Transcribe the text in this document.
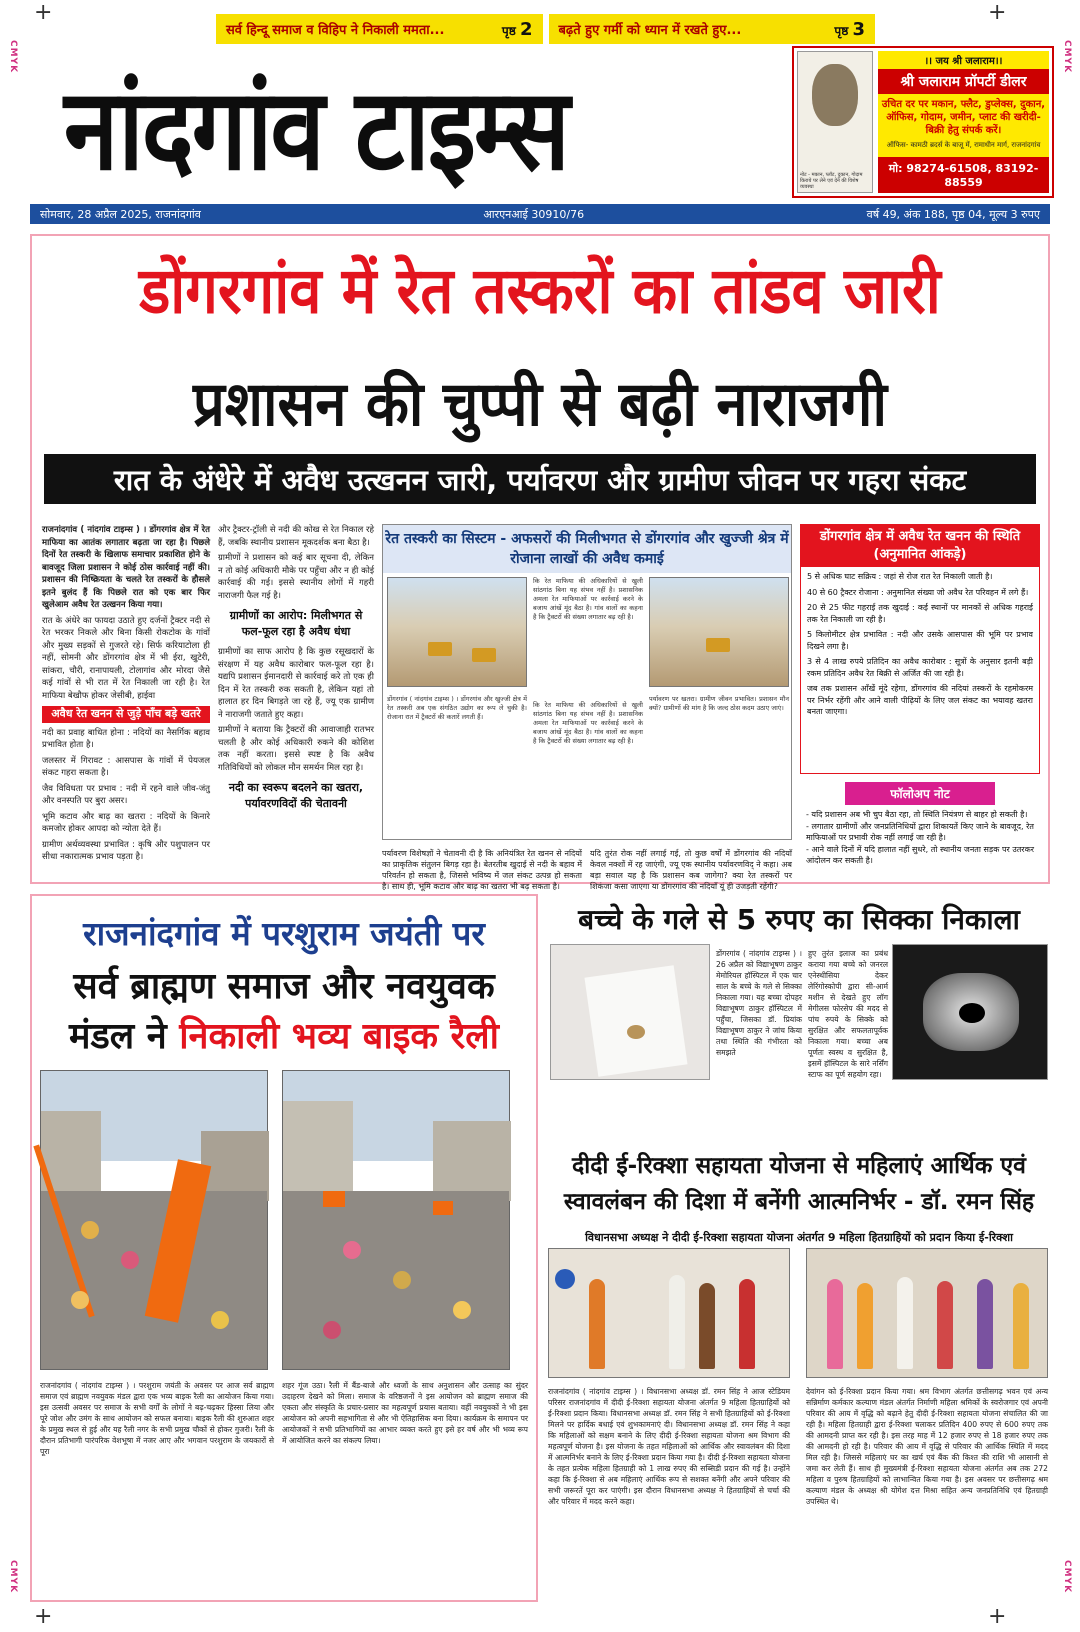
+	+
+	+
CMYK	CMYK
CMYK	CMYK
सर्व हिन्दू समाज व विहिप ने निकाली ममता...	पृष्ठ 2 बढ़ते हुए गर्मी को ध्यान में रखते हुए...	पृष्ठ 3
नांदगांव टाइम्स	नोट - मकान, प्लॉट, दुकान, गोदाम किराये पर लेने एवं देने की विशेष व्यवस्था
।। जय श्री जलाराम।।
श्री जलाराम प्रॉपर्टी डीलर
उचित दर पर मकान, फ्लैट, डुप्लेक्स, दुकान, ऑफिस, गोदाम, जमीन, प्लाट की खरीदी-बिक्री हेतु संपर्क करें।
ऑफिस- कामठी ब्रदर्स के बाजू में, रामाधीन मार्ग, राजनांदगांव
मो: 98274-61508, 83192-88559
सोमवार, 28 अप्रैल 2025, राजनांदगांव	आरएनआई 30910/76	वर्ष 49, अंक 188, पृष्ठ 04, मूल्य 3 रुपए
डोंगरगांव में रेत तस्करों का तांडव जारी
प्रशासन की चुप्पी से बढ़ी नाराजगी
रात के अंधेरे में अवैध उत्खनन जारी, पर्यावरण और ग्रामीण जीवन पर गहरा संकट

राजनांदगांव ( नांदगांव टाइम्स ) । डोंगरगांव क्षेत्र में रेत माफिया का आतंक लगातार बढ़ता जा रहा है। पिछले दिनों रेत तस्करी के खिलाफ समाचार प्रकाशित होने के बावजूद जिला प्रशासन ने कोई ठोस कार्रवाई नहीं की। प्रशासन की निष्क्रियता के चलते रेत तस्करों के हौसले इतने बुलंद हैं कि पिछले रात को एक बार फिर खुलेआम अवैध रेत उत्खनन किया गया।

रात के अंधेरे का फायदा उठाते हुए दर्जनों ट्रैक्टर नदी से रेत भरकर निकले और बिना किसी रोकटोक के गांवों और मुख्य सड़कों से गुजरते रहे। सिर्फ करियाटोला ही नहीं, सोमनी और डोंगरगांव क्षेत्र में भी ईरा, खुटेरी, सांकरा, चौरी, रानापायली, टोलागांव और मोरदा जैसे कई गांवों से भी रात में रेत निकाली जा रही है। रेत माफिया बेखौफ होकर जेसीबी, हाईवा

अवैध रेत खनन से जुड़े पाँच बड़े खतरे

नदी का प्रवाह बाधित होना : नदियों का नैसर्गिक बहाव प्रभावित होता है।

जलस्तर में गिरावट : आसपास के गांवों में पेयजल संकट गहरा सकता है।

जैव विविधता पर प्रभाव : नदी में रहने वाले जीव-जंतु और वनस्पति पर बुरा असर।

भूमि कटाव और बाढ़ का खतरा : नदियों के किनारे कमजोर होकर आपदा को न्योता देते हैं।

ग्रामीण अर्थव्यवस्था प्रभावित : कृषि और पशुपालन पर सीधा नकारात्मक प्रभाव पड़ता है।

और ट्रैक्टर-ट्रॉली से नदी की कोख से रेत निकाल रहे हैं, जबकि स्थानीय प्रशासन मूकदर्शक बना बैठा है।

ग्रामीणों ने प्रशासन को कई बार सूचना दी, लेकिन न तो कोई अधिकारी मौके पर पहुँचा और न ही कोई कार्रवाई की गई। इससे स्थानीय लोगों में गहरी नाराजगी फैल गई है।

ग्रामीणों का आरोप: मिलीभगत से फल-फूल रहा है अवैध धंधा

ग्रामीणों का साफ आरोप है कि कुछ रसूखदारों के संरक्षण में यह अवैध कारोबार फल-फूल रहा है। यद्यपि प्रशासन ईमानदारी से कार्रवाई करे तो एक ही दिन में रेत तस्करी रुक सकती है, लेकिन यहां तो हालात हर दिन बिगड़ते जा रहे हैं, ज्यू एक ग्रामीण ने नाराजगी जताते हुए कहा।

ग्रामीणों ने बताया कि ट्रैक्टरों की आवाजाही रातभर चलती है और कोई अधिकारी रुकने की कोशिश तक नहीं करता। इससे स्पष्ट है कि अवैध गतिविधियों को लोकल मौन समर्थन मिल रहा है।

नदी का स्वरूप बदलने का खतरा, पर्यावरणविदों की चेतावनी
रेत तस्करी का सिस्टम - अफसरों की मिलीभगत से डोंगरगांव और खुज्जी श्रेत्र में रोजाना लाखों की अवैध कमाई
कि रेत माफिया की अधिकारियों से खुली सांठगांठ बिना यह संभव नहीं है। प्रशासनिक अमला रेत माफियाओं पर कार्रवाई करने के बजाय आंखें मूंद बैठा है। गांव वालों का कहना है कि ट्रैक्टरों की संख्या लगातार बढ़ रही है।
डोंगरगांव ( नांदगांव टाइम्स ) । डोंगरगांव और खुज्जी क्षेत्र में रेत तस्करी अब एक संगठित उद्योग का रूप ले चुकी है। रोजाना रात में ट्रैक्टरों की कतारें लगती हैं।
कि रेत माफिया की अधिकारियों से खुली सांठगांठ बिना यह संभव नहीं है। प्रशासनिक अमला रेत माफियाओं पर कार्रवाई करने के बजाय आंखें मूंद बैठा है। गांव वालों का कहना है कि ट्रैक्टरों की संख्या लगातार बढ़ रही है।
पर्यावरण पर खतरा। ग्रामीण जीवन प्रभावित। प्रशासन मौन क्यों? ग्रामीणों की मांग है कि जल्द ठोस कदम उठाए जाएं।

पर्यावरण विशेषज्ञों ने चेतावनी दी है कि अनियंत्रित रेत खनन से नदियों का प्राकृतिक संतुलन बिगड़ रहा है। बेतरतीब खुदाई से नदी के बहाव में परिवर्तन हो सकता है, जिससे भविष्य में जल संकट उत्पन्न हो सकता है। साथ ही, भूमि कटाव और बाढ़ का खतरा भी बढ़ सकता है।

यदि तुरंत रोक नहीं लगाई गई, तो कुछ वर्षों में डोंगरगांव की नदियाँ केवल नक्शों में रह जाएंगी, ज्यू एक स्थानीय पर्यावरणविद् ने कहा। अब बड़ा सवाल यह है कि प्रशासन कब जागेगा? क्या रेत तस्करों पर शिकंजा कसा जाएगा या डोंगरगांव की नदियाँ यूं ही उजड़ती रहेंगी?

डोंगरगांव क्षेत्र में अवैध रेत खनन की स्थिति (अनुमानित आंकड़े)

5 से अधिक घाट सक्रिय : जहां से रोज रात रेत निकाली जाती है।

40 से 60 ट्रैक्टर रोजाना : अनुमानित संख्या जो अवैध रेत परिवहन में लगे हैं।

20 से 25 फीट गहराई तक खुदाई : कई स्थानों पर मानकों से अधिक गहराई तक रेत निकाली जा रही है।

5 किलोमीटर क्षेत्र प्रभावित : नदी और उसके आसपास की भूमि पर प्रभाव दिखने लगा है।

3 से 4 लाख रुपये प्रतिदिन का अवैध कारोबार : सूत्रों के अनुसार इतनी बड़ी रकम प्रतिदिन अवैध रेत बिक्री से अर्जित की जा रही है।

जब तक प्रशासन आँखें मूंदे रहेगा, डोंगरगांव की नदियां तस्करों के रहमोकरम पर निर्भर रहेंगी और आने वाली पीढ़ियों के लिए जल संकट का भयावह खतरा बनता जाएगा।

फॉलोअप नोट

- यदि प्रशासन अब भी चुप बैठा रहा, तो स्थिति नियंत्रण से बाहर हो सकती है।

- लगातार ग्रामीणों और जनप्रतिनिधियों द्वारा शिकायतें किए जाने के बावजूद, रेत माफियाओं पर प्रभावी रोक नहीं लगाई जा रही है।

- आने वाले दिनों में यदि हालात नहीं सुधरे, तो स्थानीय जनता सड़क पर उतरकर आंदोलन कर सकती है।

राजनांदगांव में परशुराम जयंती पर
सर्व ब्राह्मण समाज और नवयुवक
मंडल ने निकाली भव्य बाइक रैली

राजनांदगांव ( नांदगांव टाइम्स ) । परशुराम जयंती के अवसर पर आज सर्व ब्राह्मण समाज एवं ब्राह्मण नवयुवक मंडल द्वारा एक भव्य बाइक रैली का आयोजन किया गया। इस उत्सवी अवसर पर समाज के सभी वर्गों के लोगों ने बढ़-चढ़कर हिस्सा लिया और पूरे जोश और उमंग के साथ आयोजन को सफल बनाया। बाइक रैली की शुरुआत शहर के प्रमुख स्थल से हुई और यह रैली नगर के सभी प्रमुख चौकों से होकर गुजरी। रैली के दौरान प्रतिभागी पारंपरिक वेशभूषा में नजर आए और भगवान परशुराम के जयकारों से पूरा

शहर गूंज उठा। रैली में बैंड-बाजे और ध्वजों के साथ अनुशासन और उत्साह का सुंदर उदाहरण देखने को मिला। समाज के वरिष्ठजनों ने इस आयोजन को ब्राह्मण समाज की एकता और संस्कृति के प्रचार-प्रसार का महत्वपूर्ण प्रयास बताया। वहीं नवयुवकों ने भी इस आयोजन को अपनी सहभागिता से और भी ऐतिहासिक बना दिया। कार्यक्रम के समापन पर आयोजकों ने सभी प्रतिभागियों का आभार व्यक्त करते हुए इसे हर वर्ष और भी भव्य रूप में आयोजित करने का संकल्प लिया।

बच्चे के गले से 5 रुपए का सिक्का निकाला

डोंगरगांव ( नांदगांव टाइम्स ) । 26 अप्रैल को विद्याभूषण ठाकुर मेमोरियल हॉस्पिटल में एक चार साल के बच्चे के गले से सिक्का निकाला गया। यह बच्चा दोपहर विद्याभूषण ठाकुर हॉस्पिटल में पहुँचा, जिसका डॉ. प्रियांक विद्याभूषण ठाकुर ने जांच किया तथा स्थिति की गंभीरता को समझते

हुए तुरंत इलाज का प्रबंध कराया गया बच्चे को जनरल एनेस्थीसिया देकर लेरिंगोस्कोपी द्वारा सी-आर्म मशीन से देखते हुए लॉग मेगीलस फोरसेप की मदद से पांच रुपये के सिक्के को सुरक्षित और सफलतापूर्वक निकाला गया। बच्चा अब पूर्णतः स्वस्थ व सुरक्षित है, इसमें हॉस्पिटल के सारे नर्सिंग स्टाफ का पूर्ण सहयोग रहा।

दीदी ई-रिक्शा सहायता योजना से महिलाएं आर्थिक एवं
स्वावलंबन की दिशा में बनेंगी आत्मनिर्भर - डॉ. रमन सिंह
विधानसभा अध्यक्ष ने दीदी ई-रिक्शा सहायता योजना अंतर्गत 9 महिला हितग्राहियों को प्रदान किया ई-रिक्शा

राजनांदगांव ( नांदगांव टाइम्स ) । विधानसभा अध्यक्ष डॉ. रमन सिंह ने आज स्टेडियम परिसर राजनांदगांव में दीदी ई-रिक्शा सहायता योजना अंतर्गत 9 महिला हितग्राहियों को ई-रिक्शा प्रदान किया। विधानसभा अध्यक्ष डॉ. रमन सिंह ने सभी हितग्राहियों को ई-रिक्शा मिलने पर हार्दिक बधाई एवं शुभकामनाएं दी। विधानसभा अध्यक्ष डॉ. रमन सिंह ने कहा कि महिलाओं को सक्षम बनाने के लिए दीदी ई-रिक्शा सहायता योजना श्रम विभाग की महत्वपूर्ण योजना है। इस योजना के तहत महिलाओं को आर्थिक और स्वावलंबन की दिशा में आत्मनिर्भर बनाने के लिए ई-रिक्शा प्रदान किया गया है। दीदी ई-रिक्शा सहायता योजना के तहत प्रत्येक महिला हितग्राही को 1 लाख रुपए की सब्सिडी प्रदान की गई है। उन्होंने कहा कि ई-रिक्शा से अब महिलाएं आर्थिक रूप से सशक्त बनेंगी और अपने परिवार की सभी जरूरतें पूरा कर पाएंगी। इस दौरान विधानसभा अध्यक्ष ने हितग्राहियों से चर्चा की और परिवार में मदद करने कहा।

देवांगन को ई-रिक्शा प्रदान किया गया। श्रम विभाग अंतर्गत छत्तीसगढ़ भवन एवं अन्य सन्निर्माण कर्मकार कल्याण मंडल अंतर्गत निर्माणी महिला श्रमिकों के स्वरोजगार एवं अपनी परिवार की आय में वृद्धि को बढ़ाने हेतु दीदी ई-रिक्शा सहायता योजना संचालित की जा रही है। महिला हितग्राही द्वारा ई-रिक्शा चलाकर प्रतिदिन 400 रुपए से 600 रुपए तक की आमदनी प्राप्त कर रही है। इस तरह माह में 12 हजार रुपए से 18 हजार रुपए तक की आमदनी हो रही है। परिवार की आय में वृद्धि से परिवार की आर्थिक स्थिति में मदद मिल रही है। जिससे महिलाएं घर का खर्च एवं बैंक की किश्त की राशि भी आसानी से जमा कर लेती हैं। साथ ही मुख्यमंत्री ई-रिक्शा सहायता योजना अंतर्गत अब तक 272 महिला व पुरुष हितग्राहियों को लाभान्वित किया गया है। इस अवसर पर छत्तीसगढ़ श्रम कल्याण मंडल के अध्यक्ष श्री योगेश दत्त मिश्रा सहित अन्य जनप्रतिनिधि एवं हितग्राही उपस्थित थे।
